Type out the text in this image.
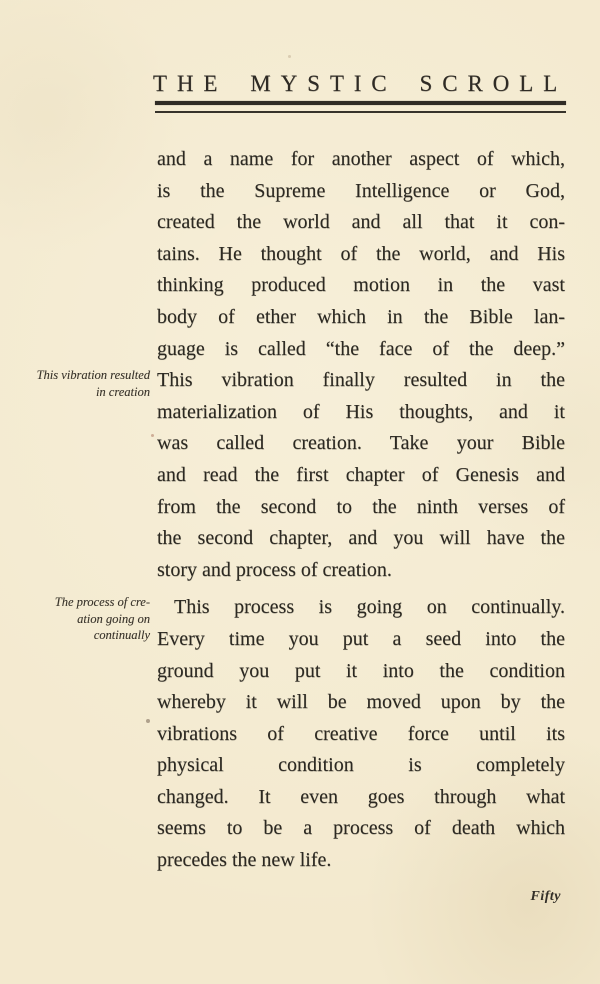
THE MYSTIC SCROLL
This vibration resulted
in creation
The process of cre-
ation going on
continually
and a name for another aspect of which,
is the Supreme Intelligence or God,
created the world and all that it con-
tains. He thought of the world, and His
thinking produced motion in the vast
body of ether which in the Bible lan-
guage is called “the face of the deep.”
This vibration finally resulted in the
materialization of His thoughts, and it
was called creation. Take your Bible
and read the first chapter of Genesis and
from the second to the ninth verses of
the second chapter, and you will have the
story and process of creation.
This process is going on continually.
Every time you put a seed into the
ground you put it into the condition
whereby it will be moved upon by the
vibrations of creative force until its
physical condition is completely
changed. It even goes through what
seems to be a process of death which
precedes the new life.
Fifty
